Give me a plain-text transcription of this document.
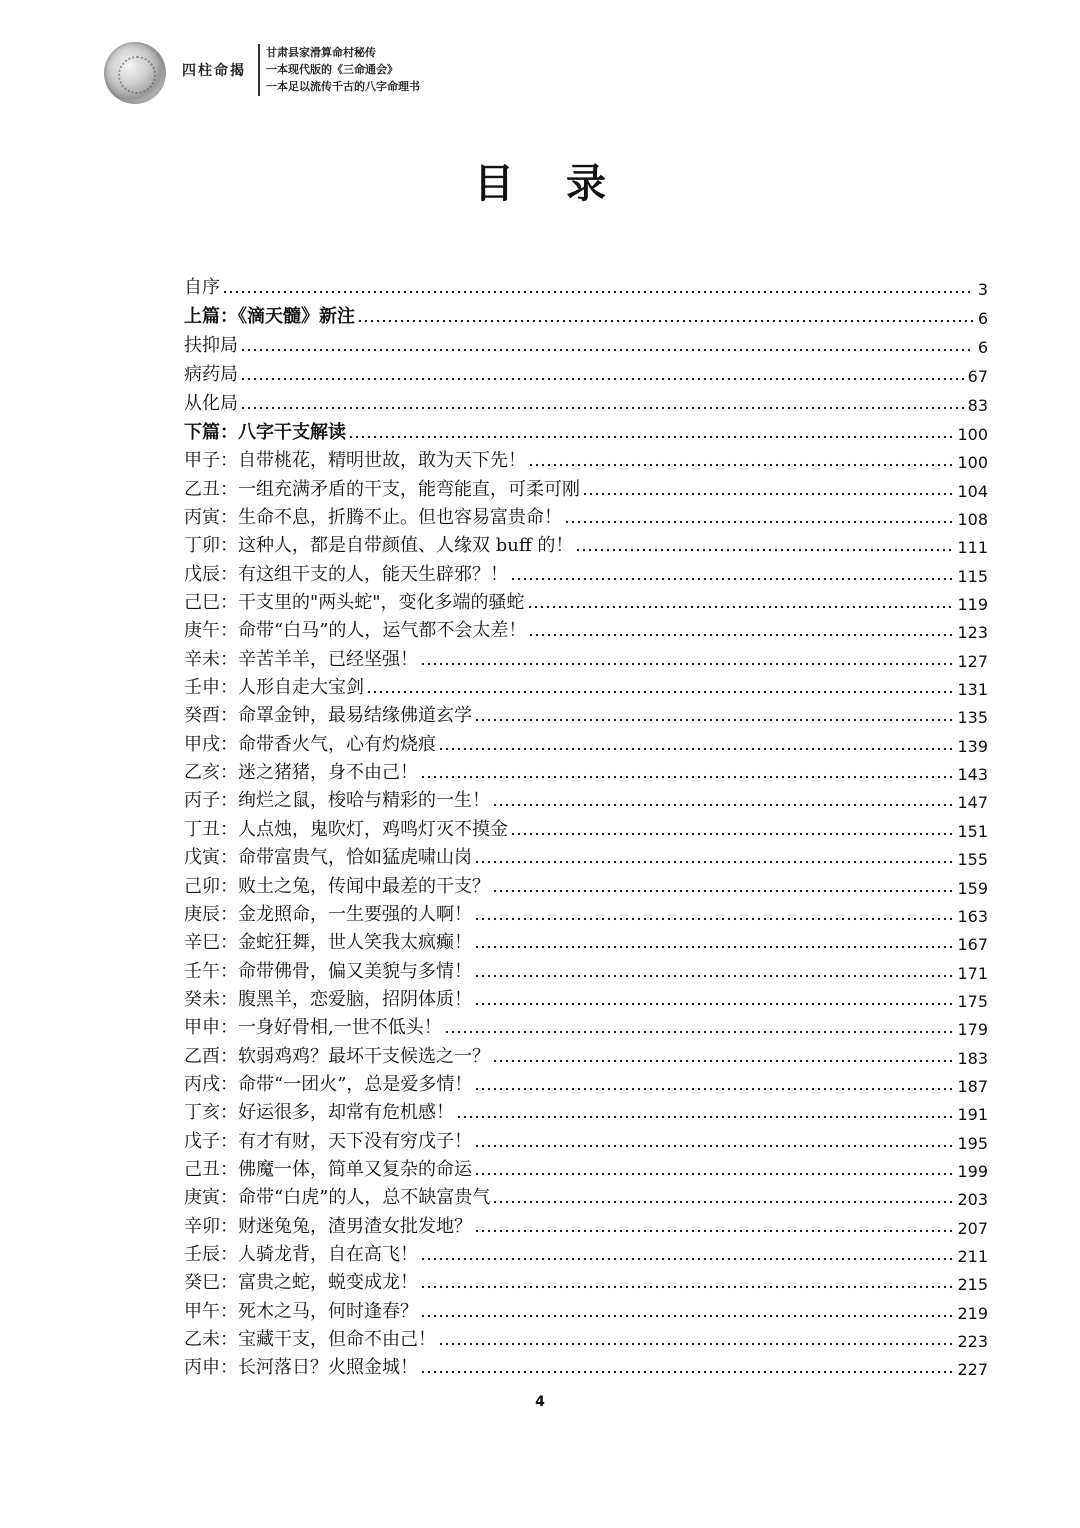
四柱命揭
甘肃县家滑算命村秘传
一本现代版的《三命通会》
一本足以流传千古的八字命理书
目录
自序	3
上篇：《滴天髓》新注	6
扶抑局	6
病药局	67
从化局	83
下篇：八字干支解读	100
甲子：自带桃花，精明世故，敢为天下先！	100
乙丑：一组充满矛盾的干支，能弯能直，可柔可刚	104
丙寅：生命不息，折腾不止。但也容易富贵命！	108
丁卯：这种人，都是自带颜值、人缘双 buff 的！	111
戊辰：有这组干支的人，能天生辟邪？！	115
己巳：干支里的"两头蛇"，变化多端的骚蛇	119
庚午：命带“白马”的人，运气都不会太差！	123
辛未：辛苦羊羊，已经坚强！	127
壬申：人形自走大宝剑	131
癸酉：命罩金钟，最易结缘佛道玄学	135
甲戌：命带香火气，心有灼烧痕	139
乙亥：迷之猪猪，身不由己！	143
丙子：绚烂之鼠，梭哈与精彩的一生！	147
丁丑：人点烛，鬼吹灯，鸡鸣灯灭不摸金	151
戊寅：命带富贵气，恰如猛虎啸山岗	155
己卯：败土之兔，传闻中最差的干支？	159
庚辰：金龙照命，一生要强的人啊！	163
辛巳：金蛇狂舞，世人笑我太疯癫！	167
壬午：命带佛骨，偏又美貌与多情！	171
癸未：腹黑羊，恋爱脑，招阴体质！	175
甲申：一身好骨相,一世不低头！	179
乙酉：软弱鸡鸡？最坏干支候选之一？	183
丙戌：命带“一团火”，总是爱多情！	187
丁亥：好运很多，却常有危机感！	191
戊子：有才有财，天下没有穷戊子！	195
己丑：佛魔一体，简单又复杂的命运	199
庚寅：命带“白虎”的人，总不缺富贵气	203
辛卯：财迷兔兔，渣男渣女批发地？	207
壬辰：人骑龙背，自在高飞！	211
癸巳：富贵之蛇，蜕变成龙！	215
甲午：死木之马，何时逢春？	219
乙未：宝藏干支，但命不由己！	223
丙申：长河落日？火照金城！	227
4
